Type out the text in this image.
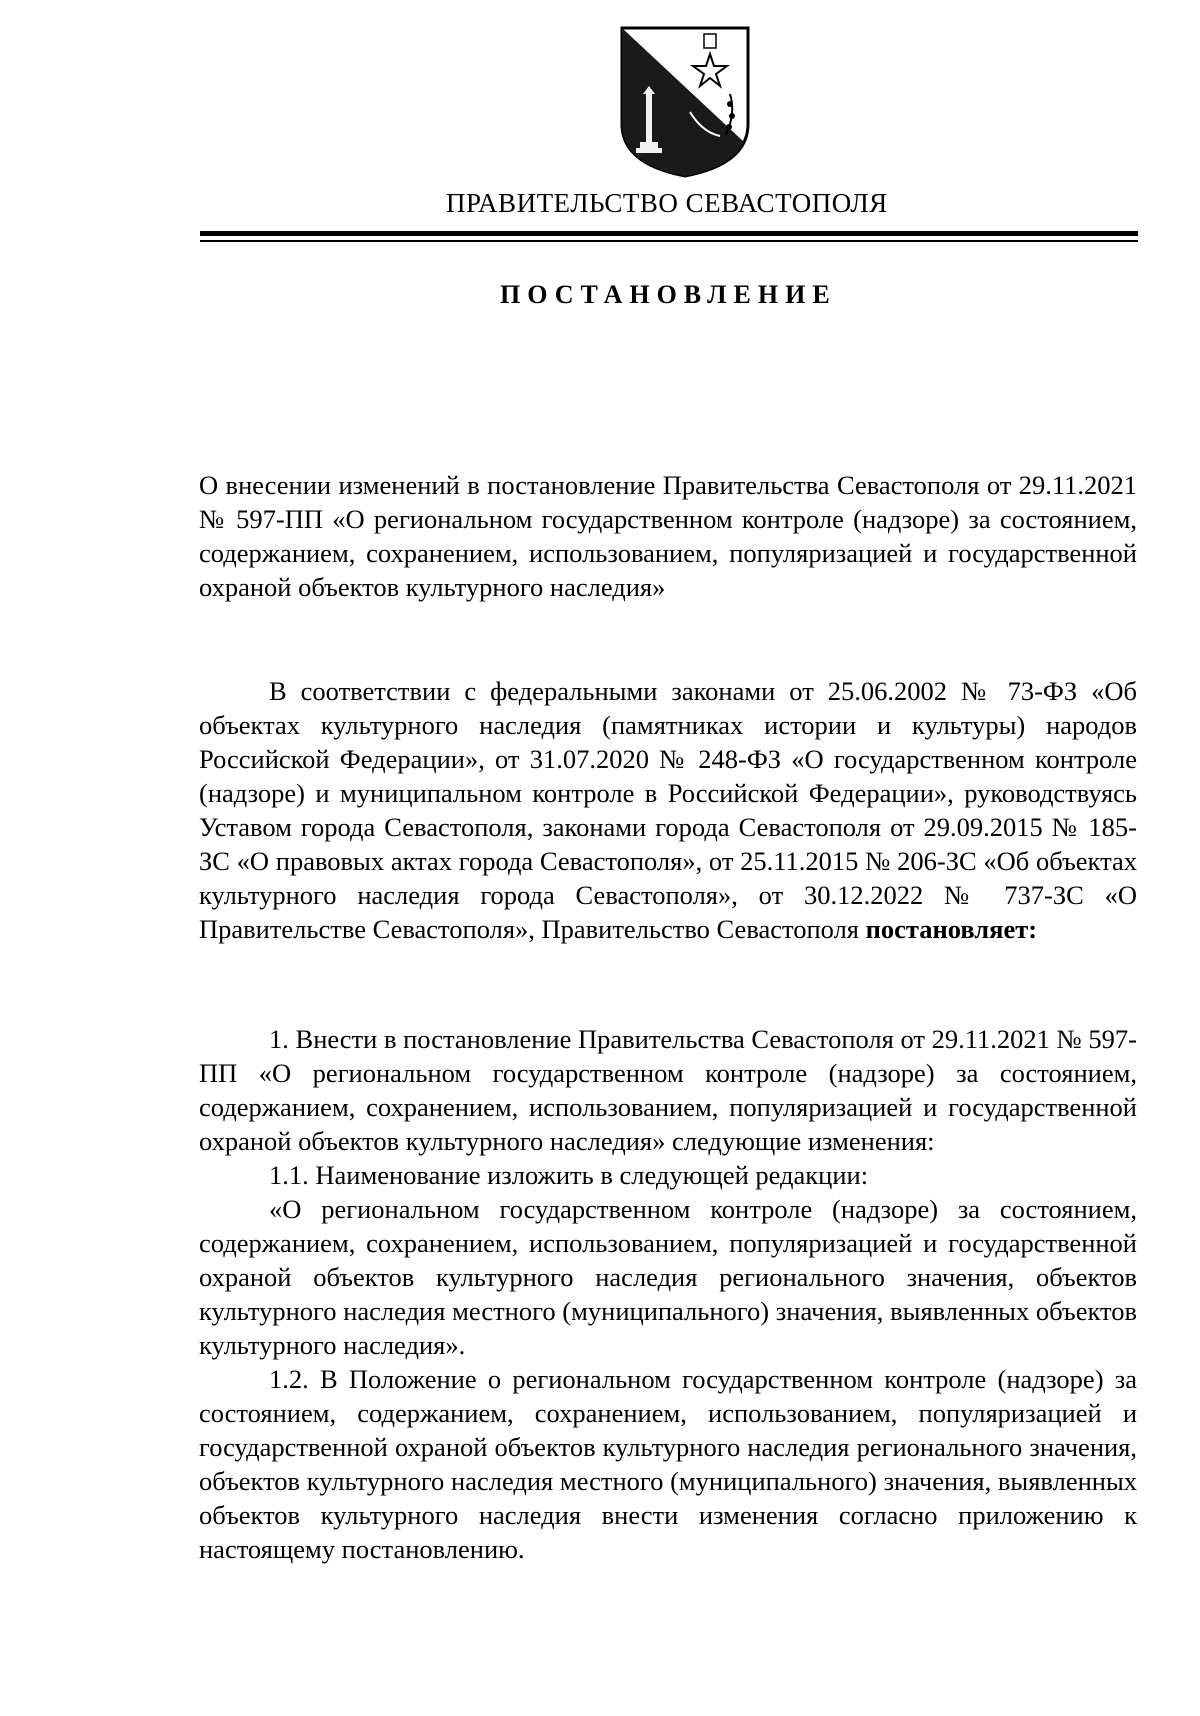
ПРАВИТЕЛЬСТВО СЕВАСТОПОЛЯ
ПОСТАНОВЛЕНИЕ
О внесении изменений в постановление Правительства Севастополя от 29.11.2021 № 597-ПП «О региональном государственном контроле (надзоре) за состоянием, содержанием, сохранением, использованием, популяризацией и государственной охраной объектов культурного наследия»

В соответствии с федеральными законами от 25.06.2002 № 73-ФЗ «Об объектах культурного наследия (памятниках истории и культуры) народов Российской Федерации», от 31.07.2020 № 248-ФЗ «О государственном контроле (надзоре) и муниципальном контроле в Российской Федерации», руководствуясь Уставом города Севастополя, законами города Севастополя от 29.09.2015 № 185-ЗС «О правовых актах города Севастополя», от 25.11.2015 № 206-ЗС «Об объектах культурного наследия города Севастополя», от 30.12.2022 № 737-ЗС «О Правительстве Севастополя», Правительство Севастополя постановляет:

1. Внести в постановление Правительства Севастополя от 29.11.2021 № 597-ПП «О региональном государственном контроле (надзоре) за состоянием, содержанием, сохранением, использованием, популяризацией и государственной охраной объектов культурного наследия» следующие изменения:

1.1. Наименование изложить в следующей редакции:

«О региональном государственном контроле (надзоре) за состоянием, содержанием, сохранением, использованием, популяризацией и государственной охраной объектов культурного наследия регионального значения, объектов культурного наследия местного (муниципального) значения, выявленных объектов культурного наследия».

1.2. В Положение о региональном государственном контроле (надзоре) за состоянием, содержанием, сохранением, использованием, популяризацией и государственной охраной объектов культурного наследия регионального значения, объектов культурного наследия местного (муниципального) значения, выявленных объектов культурного наследия внести изменения согласно приложению к настоящему постановлению.
